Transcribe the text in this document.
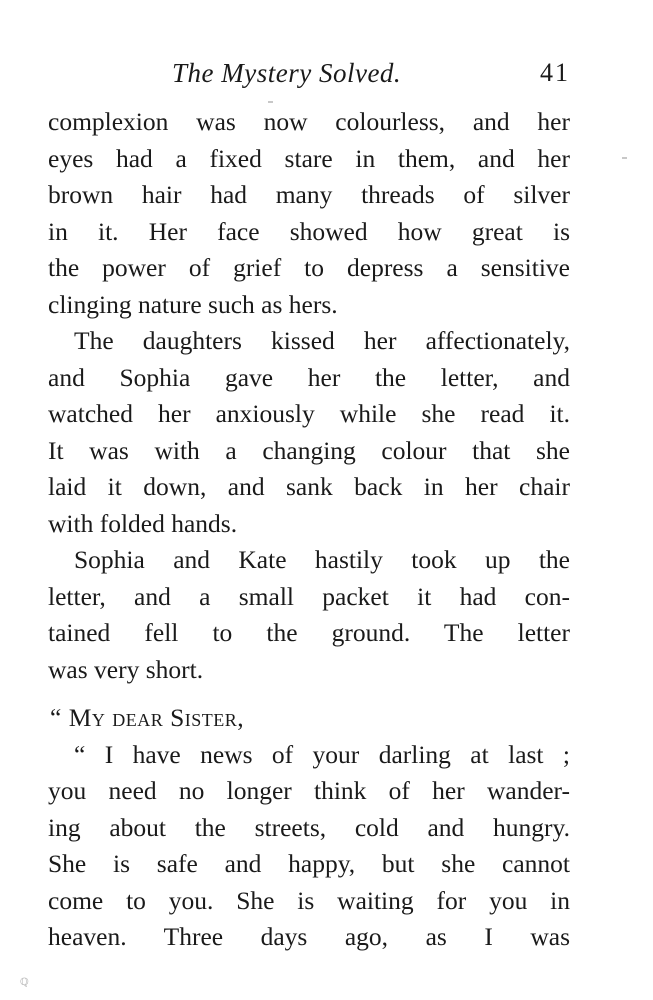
The Mystery Solved.	41
complexion was now colourless, and her
eyes had a fixed stare in them, and her
brown hair had many threads of silver
in it. Her face showed how great is
the power of grief to depress a sensitive
clinging nature such as hers.
The daughters kissed her affectionately,
and Sophia gave her the letter, and
watched her anxiously while she read it.
It was with a changing colour that she
laid it down, and sank back in her chair
with folded hands.
Sophia and Kate hastily took up the
letter, and a small packet it had con-
tained fell to the ground. The letter
was very short.
“ My dear Sister,
“ I have news of your darling at last ;
you need no longer think of her wander-
ing about the streets, cold and hungry.
She is safe and happy, but she cannot
come to you. She is waiting for you in
heaven. Three days ago, as I was
ℚ
